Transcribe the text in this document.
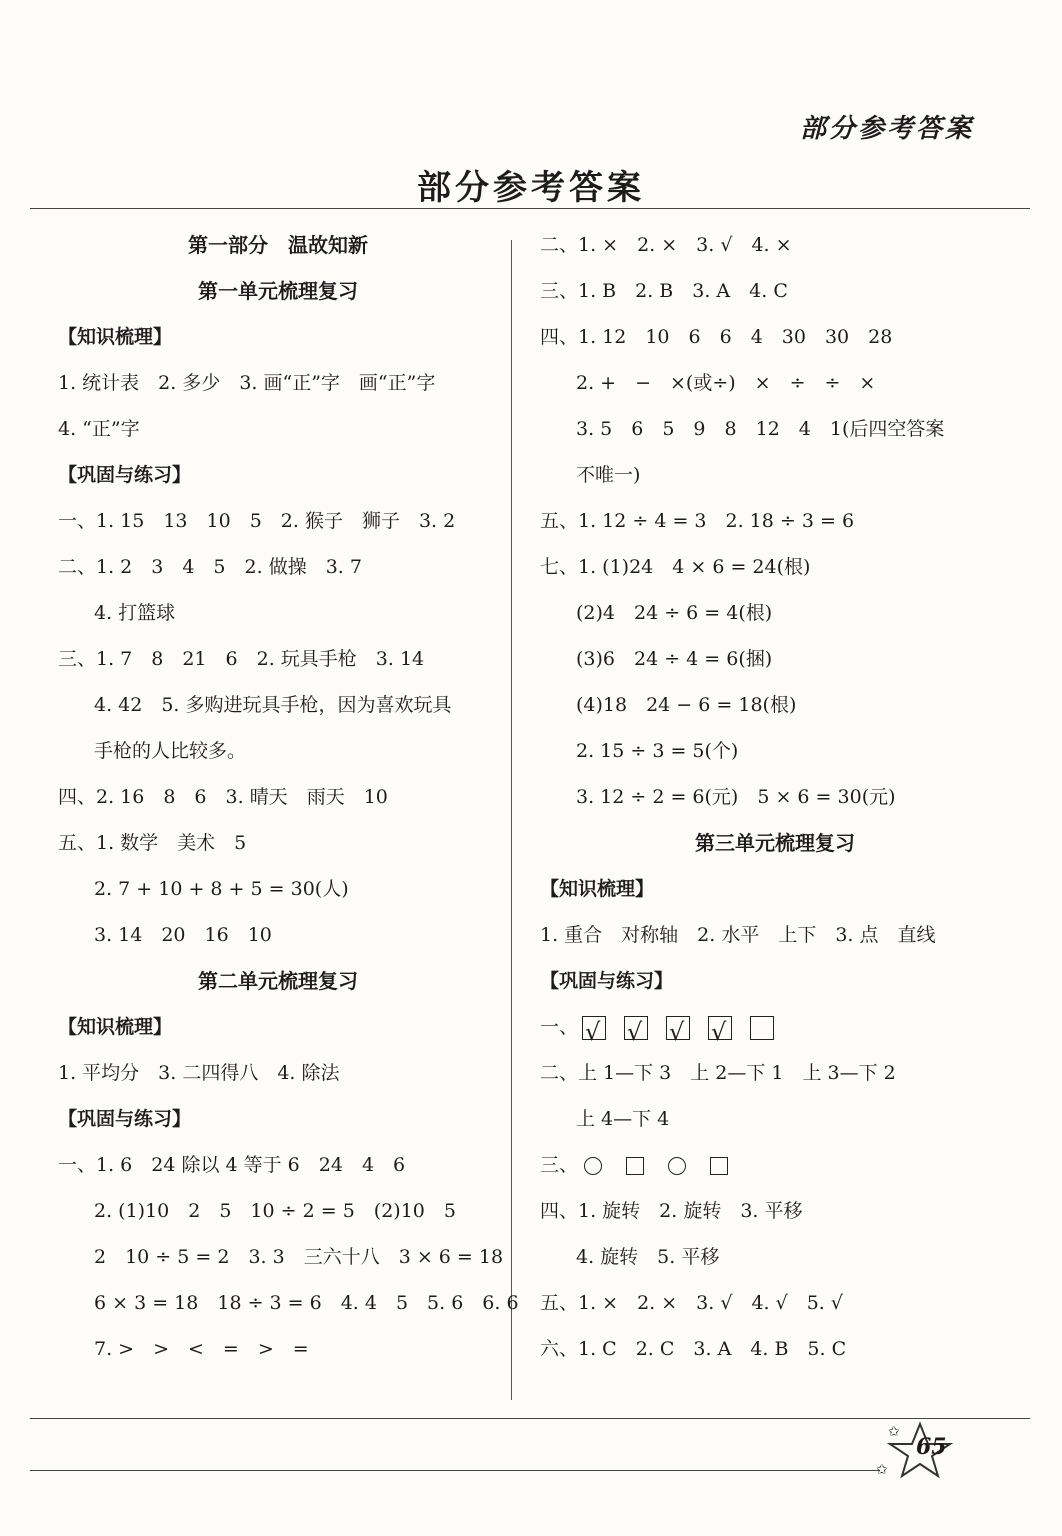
部分参考答案
部分参考答案
第一部分　温故知新
第一单元梳理复习
【知识梳理】
1. 统计表　2. 多少　3. 画“正”字　画“正”字
4. “正”字
【巩固与练习】
一、1. 15　13　10　5　2. 猴子　狮子　3. 2
二、1. 2　3　4　5　2. 做操　3. 7
4. 打篮球
三、1. 7　8　21　6　2. 玩具手枪　3. 14
4. 42　5. 多购进玩具手枪，因为喜欢玩具
手枪的人比较多。
四、2. 16　8　6　3. 晴天　雨天　10
五、1. 数学　美术　5
2. 7 + 10 + 8 + 5 = 30(人)
3. 14　20　16　10
第二单元梳理复习
【知识梳理】
1. 平均分　3. 二四得八　4. 除法
【巩固与练习】
一、1. 6　24 除以 4 等于 6　24　4　6
2. (1)10　2　5　10 ÷ 2 = 5　(2)10　5
2　10 ÷ 5 = 2　3. 3　三六十八　3 × 6 = 18
6 × 3 = 18　18 ÷ 3 = 6　4. 4　5　5. 6　6. 6
7. >　>　<　=　>　=
二、1. ×　2. ×　3. √　4. ×
三、1. B　2. B　3. A　4. C
四、1. 12　10　6　6　4　30　30　28
2. +　−　×(或÷)　×　÷　÷　×
3. 5　6　5　9　8　12　4　1(后四空答案
不唯一)
五、1. 12 ÷ 4 = 3　2. 18 ÷ 3 = 6
七、1. (1)24　4 × 6 = 24(根)
(2)4　24 ÷ 6 = 4(根)
(3)6　24 ÷ 4 = 6(捆)
(4)18　24 − 6 = 18(根)
2. 15 ÷ 3 = 5(个)
3. 12 ÷ 2 = 6(元)　5 × 6 = 30(元)
第三单元梳理复习
【知识梳理】
1. 重合　对称轴　2. 水平　上下　3. 点　直线
【巩固与练习】
一、 √ √ √ √
二、上 1—下 3　上 2—下 1　上 3—下 2
上 4—下 4
三、
四、1. 旋转　2. 旋转　3. 平移
4. 旋转　5. 平移
五、1. ×　2. ×　3. √　4. √　5. √
六、1. C　2. C　3. A　4. B　5. C
65
✩
✩
